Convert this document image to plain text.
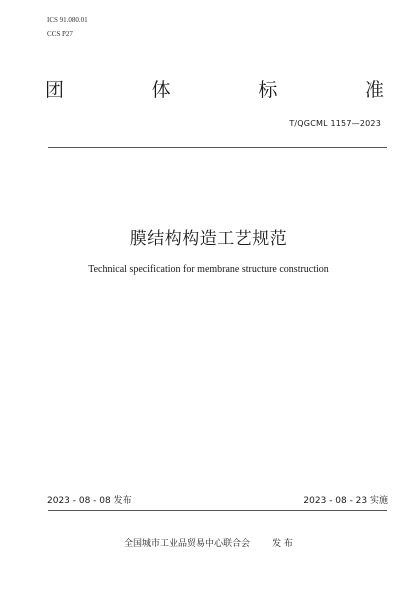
ICS 91.080.01
CCS P27
团	体	标	准
T/QGCML 1157—2023
膜结构构造工艺规范
Technical specification for membrane structure construction
2023 - 08 - 08 发布	2023 - 08 - 23 实施
全国城市工业品贸易中心联合会 发 布
